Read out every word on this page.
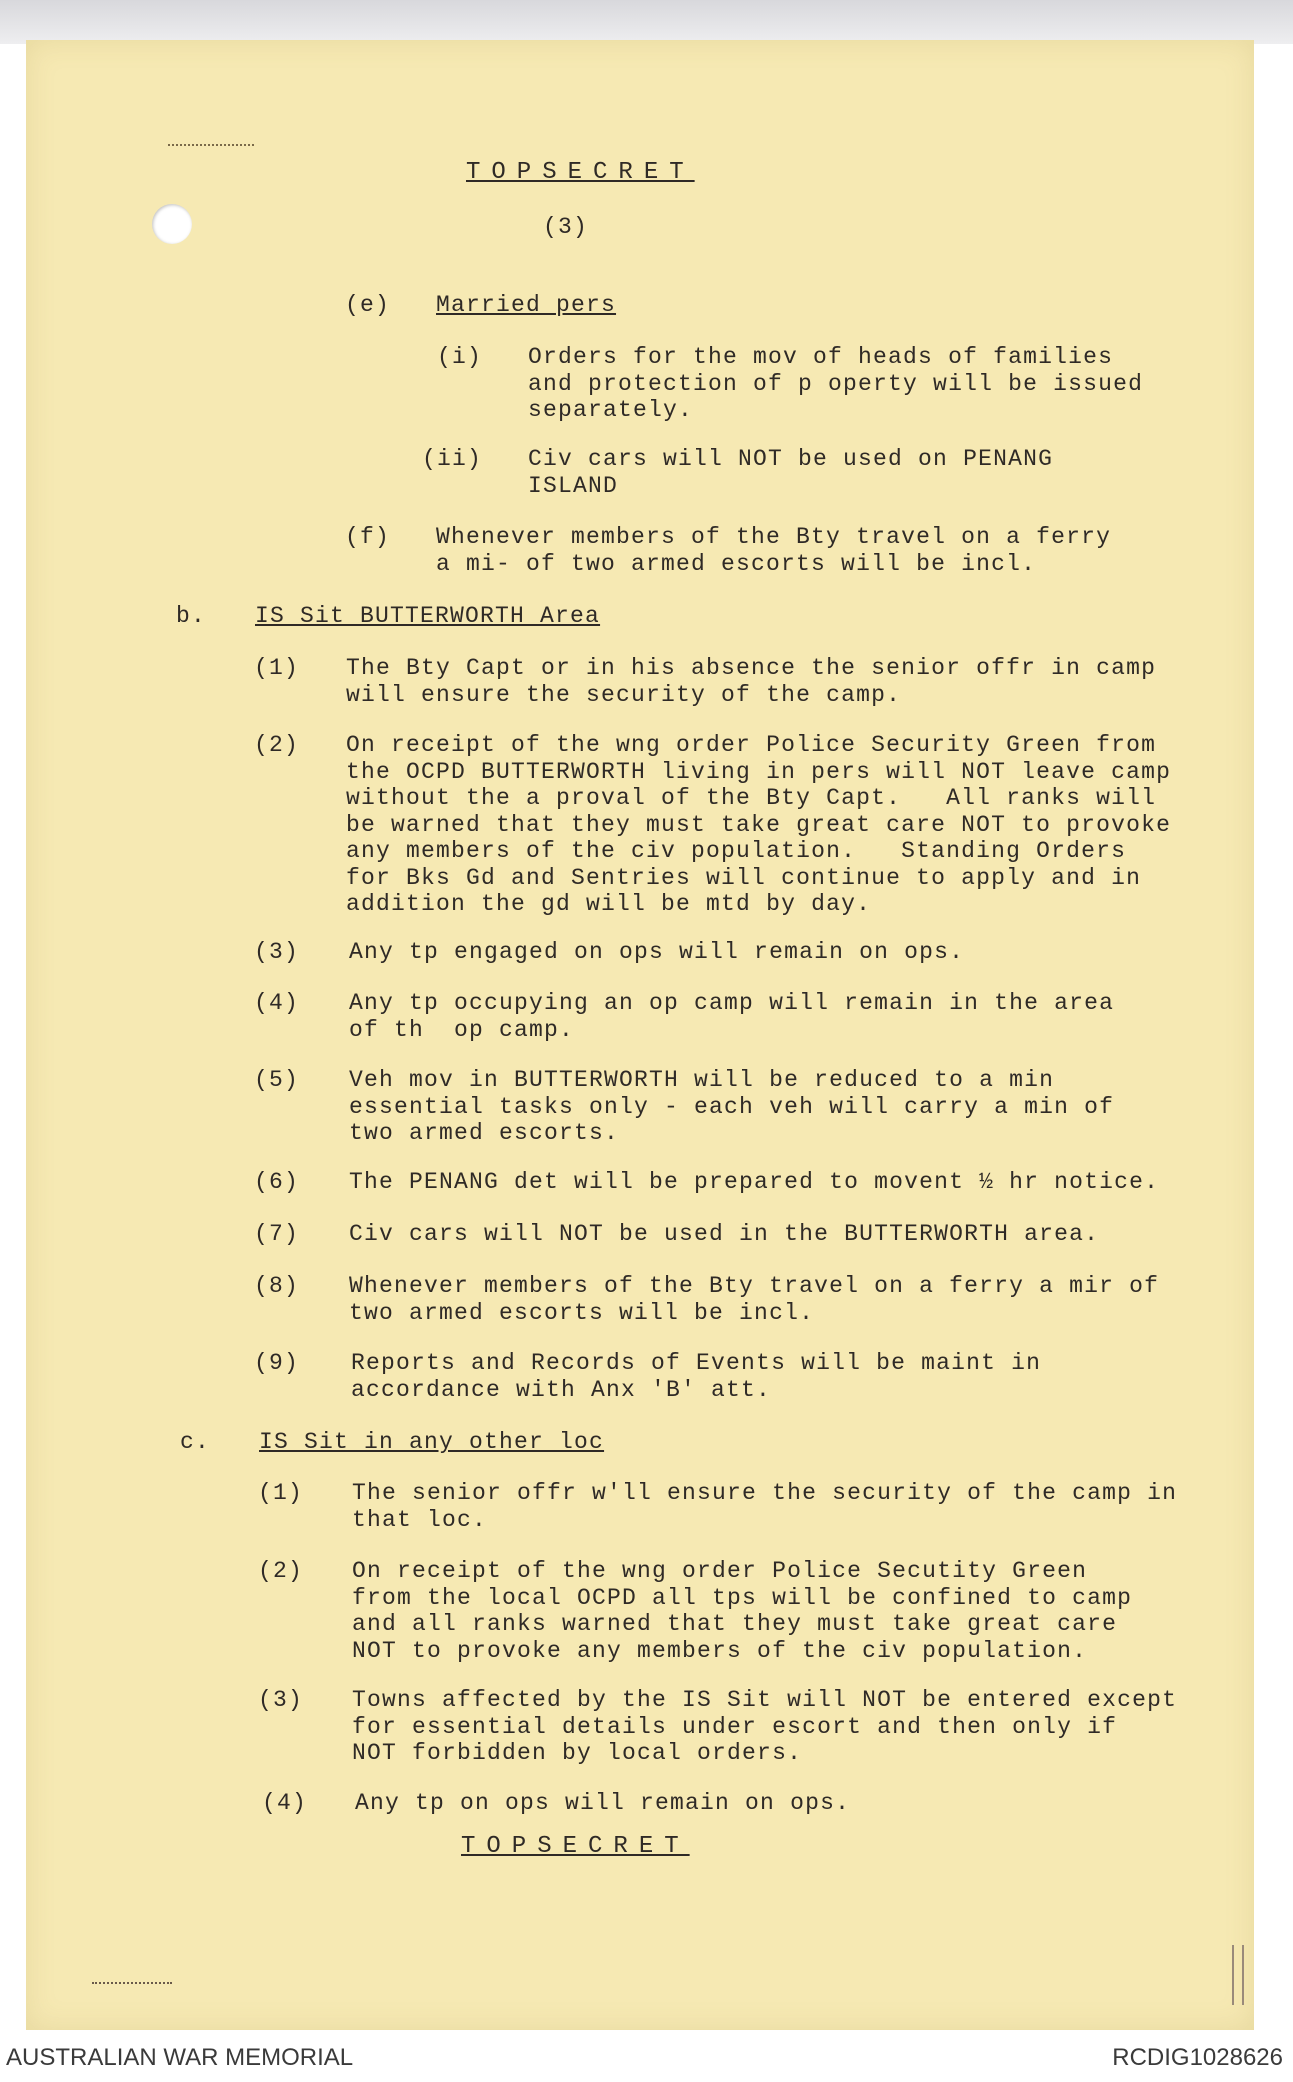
TOPSECRET
(3)
(e) Married pers
(i) Orders for the mov of heads of families
and protection of p operty will be issued
separately.
(ii) Civ cars will NOT be used on PENANG
ISLAND
(f) Whenever members of the Bty travel on a ferry
a mi- of two armed escorts will be incl.
b. IS Sit BUTTERWORTH Area
(1) The Bty Capt or in his absence the senior offr in camp
will ensure the security of the camp.
(2) On receipt of the wng order Police Security Green from
the OCPD BUTTERWORTH living in pers will NOT leave camp
without the a proval of the Bty Capt.   All ranks will
be warned that they must take great care NOT to provoke
any members of the civ population.   Standing Orders
for Bks Gd and Sentries will continue to apply and in
addition the gd will be mtd by day.
(3) Any tp engaged on ops will remain on ops.
(4) Any tp occupying an op camp will remain in the area
of th  op camp.
(5) Veh mov in BUTTERWORTH will be reduced to a min
essential tasks only - each veh will carry a min of
two armed escorts.
(6) The PENANG det will be prepared to movent ½ hr notice.
(7) Civ cars will NOT be used in the BUTTERWORTH area.
(8) Whenever members of the Bty travel on a ferry a mir of
two armed escorts will be incl.
(9) Reports and Records of Events will be maint in
accordance with Anx 'B' att.
c. IS Sit in any other loc
(1) The senior offr w'll ensure the security of the camp in
that loc.
(2) On receipt of the wng order Police Secutity Green
from the local OCPD all tps will be confined to camp
and all ranks warned that they must take great care
NOT to provoke any members of the civ population.
(3) Towns affected by the IS Sit will NOT be entered except
for essential details under escort and then only if
NOT forbidden by local orders.
(4) Any tp on ops will remain on ops.
TOPSECRET
AUSTRALIAN WAR MEMORIAL	RCDIG1028626
